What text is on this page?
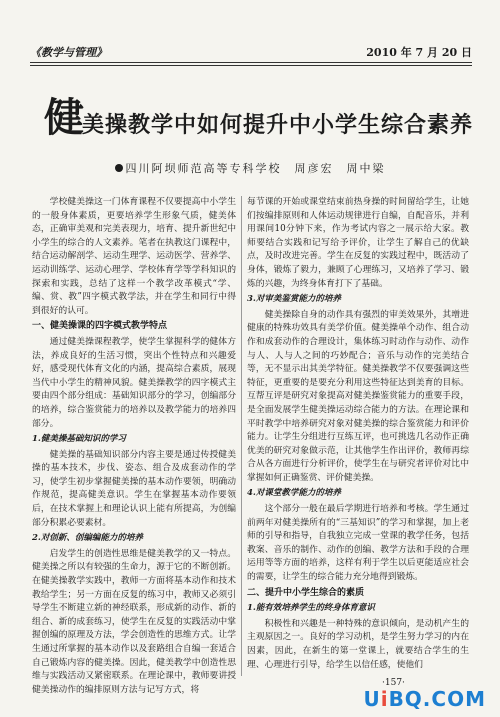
《教学与管理》	2010 年 7 月 20 日
健
美操教学中如何提升中小学生综合素养
四川阿坝师范高等专科学校　周彦宏　周中梁

学校健美操这一门体育课程不仅要提高中小学生的一般身体素质，更要培养学生形象气质，健美体态，正确审美观和完美表现力，培育、提升新世纪中小学生的综合的人文素养。笔者在执教这门课程中，结合运动解剖学、运动生理学、运动医学、营养学、运动训练学、运动心理学、学校体育学等学科知识的探索和实践，总结了这样一个教学改革模式“学、编、赏、教”四字模式教学法，并在学生和同行中得到很好的认可。

一、健美操课的四字模式教学特点

通过健美操课程教学，使学生掌握科学的健体方法，养成良好的生活习惯，突出个性特点和兴趣爱好，感受现代体育文化的内涵，提高综合素质，展现当代中小学生的精神风貌。健美操教学的四字模式主要由四个部分组成：基础知识部分的学习，创编部分的培养，综合鉴赏能力的培养以及教学能力的培养四部分。

1.健美操基础知识的学习

健美操的基础知识部分内容主要是通过传授健美操的基本技术，步伐、姿态、组合及成套动作的学习，使学生初步掌握健美操的基本动作要领，明确动作规范，提高健美意识。学生在掌握基本动作要领后，在技术掌握上和理论认识上能有所提高，为创编部分积累必要素材。

2.对创新、创编编能力的培养

启发学生的创造性思维是健美教学的又一特点。健美操之所以有较强的生命力，源于它的不断创新。在健美操教学实践中，教师一方面将基本动作和技术教给学生；另一方面在反复的练习中，教师又必须引导学生不断建立新的神经联系，形成新的动作、新的组合、新的成套练习，使学生在反复的实践活动中掌握创编的原理及方法，学会创造性的思维方式。让学生通过所掌握的基本动作以及套路组合自编一套适合自己锻炼内容的健美操。因此，健美教学中创造性思维与实践活动又紧密联系。在理论课中，教师要讲授健美操动作的编排原则方法与记写方式，将

每节课的开始或课堂结束前热身操的时间留给学生，让她们按编排原则和人体运动规律进行自编，自配音乐，并利用课间10分钟下来，作为考试内容之一展示给大家。教师要结合实践和记写给予评价，让学生了解自己的优缺点，及时改进完善。学生在反复的实践过程中，既活动了身体，锻炼了毅力，兼顾了心理练习，又培养了学习、锻炼的兴趣，为终身体育打下了基础。

3.对审美鉴赏能力的培养

健美操除自身的动作具有强烈的审美效果外，其增进健康的特殊功效具有美学价值。健美操单个动作、组合动作和成套动作的合理设计，集体练习时动作与动作、动作与人、人与人之间的巧妙配合；音乐与动作的完美结合等，无不显示出其美学特征。健美操教学不仅要强调这些特征，更重要的是要充分利用这些特征达到美育的目标。互帮互评是研究对象提高对健美操鉴赏能力的重要手段，是全面发展学生健美操运动综合能力的方法。在理论课和平时教学中培养研究对象对健美操的综合鉴赏能力和评价能力。让学生分组进行互练互评，也可挑选几名动作正确优美的研究对象做示范，让其他学生作出评价，教师再综合从各方面进行分析评价，使学生在与研究者评价对比中掌握如何正确鉴赏、评价健美操。

4.对课堂教学能力的培养

这个部分一般在最后学期进行培养和考核。学生通过前两年对健美操所有的“三基知识”的学习和掌握，加上老师的引导和指导，自我独立完成一堂课的教学任务，包括教案、音乐的制作、动作的创编、教学方法和手段的合理运用等等方面的培养，这样有利于学生以后更能适应社会的需要，让学生的综合能力充分地得到锻炼。

二、提升中小学生综合的素质
1.能有效培养学生的终身体育意识

积极性和兴趣是一种特殊的意识倾向，是动机产生的主观原因之一。良好的学习动机，是学生努力学习的内在因素，因此，在新生的第一堂课上，就要结合学生的生理、心理进行引导，给学生以信任感，使他们

·157·
UiBQ.COM
